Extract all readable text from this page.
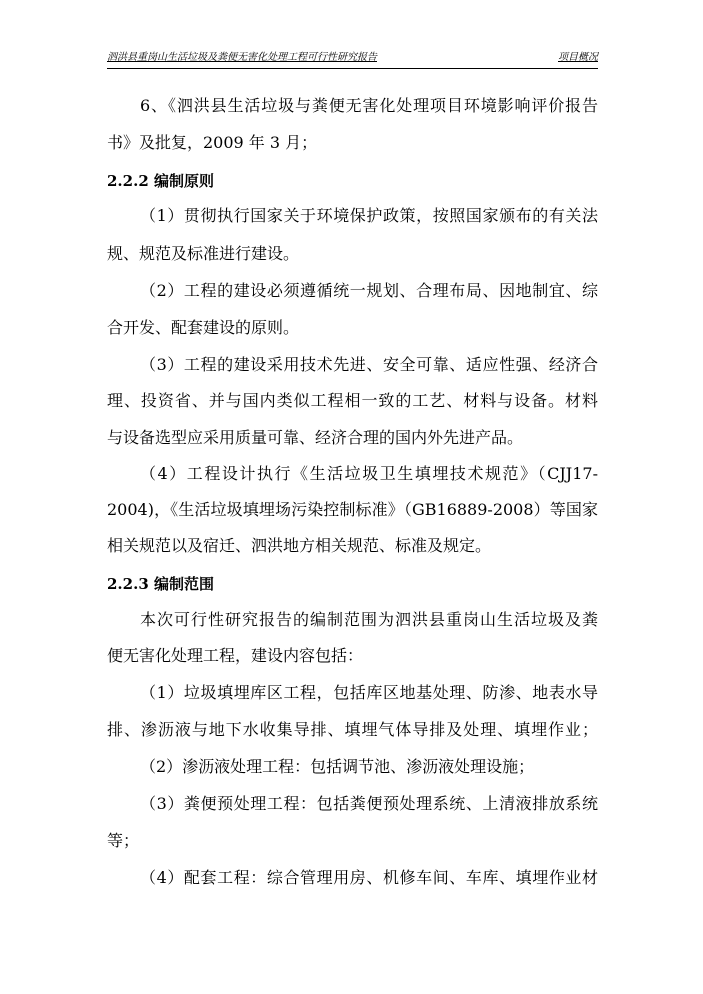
泗洪县重岗山生活垃圾及粪便无害化处理工程可行性研究报告	项目概况
6、《泗洪县生活垃圾与粪便无害化处理项目环境影响评价报告
书》及批复，2009 年 3 月；
2.2.2 编制原则
（1）贯彻执行国家关于环境保护政策，按照国家颁布的有关法
规、规范及标准进行建设。
（2）工程的建设必须遵循统一规划、合理布局、因地制宜、综
合开发、配套建设的原则。
（3）工程的建设采用技术先进、安全可靠、适应性强、经济合
理、投资省、并与国内类似工程相一致的工艺、材料与设备。材料
与设备选型应采用质量可靠、经济合理的国内外先进产品。
（4）工程设计执行《生活垃圾卫生填埋技术规范》（CJJ17-
2004)，《生活垃圾填埋场污染控制标准》（GB16889-2008）等国家
相关规范以及宿迁、泗洪地方相关规范、标准及规定。
2.2.3 编制范围
本次可行性研究报告的编制范围为泗洪县重岗山生活垃圾及粪
便无害化处理工程，建设内容包括：
（1）垃圾填埋库区工程，包括库区地基处理、防渗、地表水导
排、渗沥液与地下水收集导排、填埋气体导排及处理、填埋作业；
（2）渗沥液处理工程：包括调节池、渗沥液处理设施；
（3）粪便预处理工程：包括粪便预处理系统、上清液排放系统
等；
（4）配套工程：综合管理用房、机修车间、车库、填埋作业材
